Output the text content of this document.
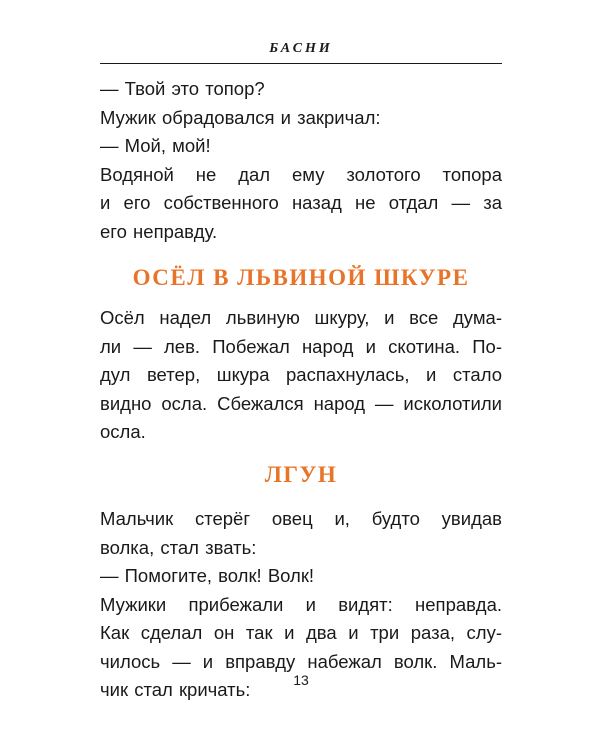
БАСНИ
— Твой это топор?
Мужик обрадовался и закричал:
— Мой, мой!
Водяной не дал ему золотого топора
и его собственного назад не отдал — за
его неправду.
ОСЁЛ В ЛЬВИНОЙ ШКУРЕ
Осёл надел львиную шкуру, и все дума-
ли — лев. Побежал народ и скотина. По-
дул ветер, шкура распахнулась, и стало
видно осла. Сбежался народ — исколотили
осла.
ЛГУН
Мальчик стерёг овец и, будто увидав
волка, стал звать:
— Помогите, волк! Волк!
Мужики прибежали и видят: неправда.
Как сделал он так и два и три раза, слу-
чилось — и вправду набежал волк. Маль-
чик стал кричать:	13
